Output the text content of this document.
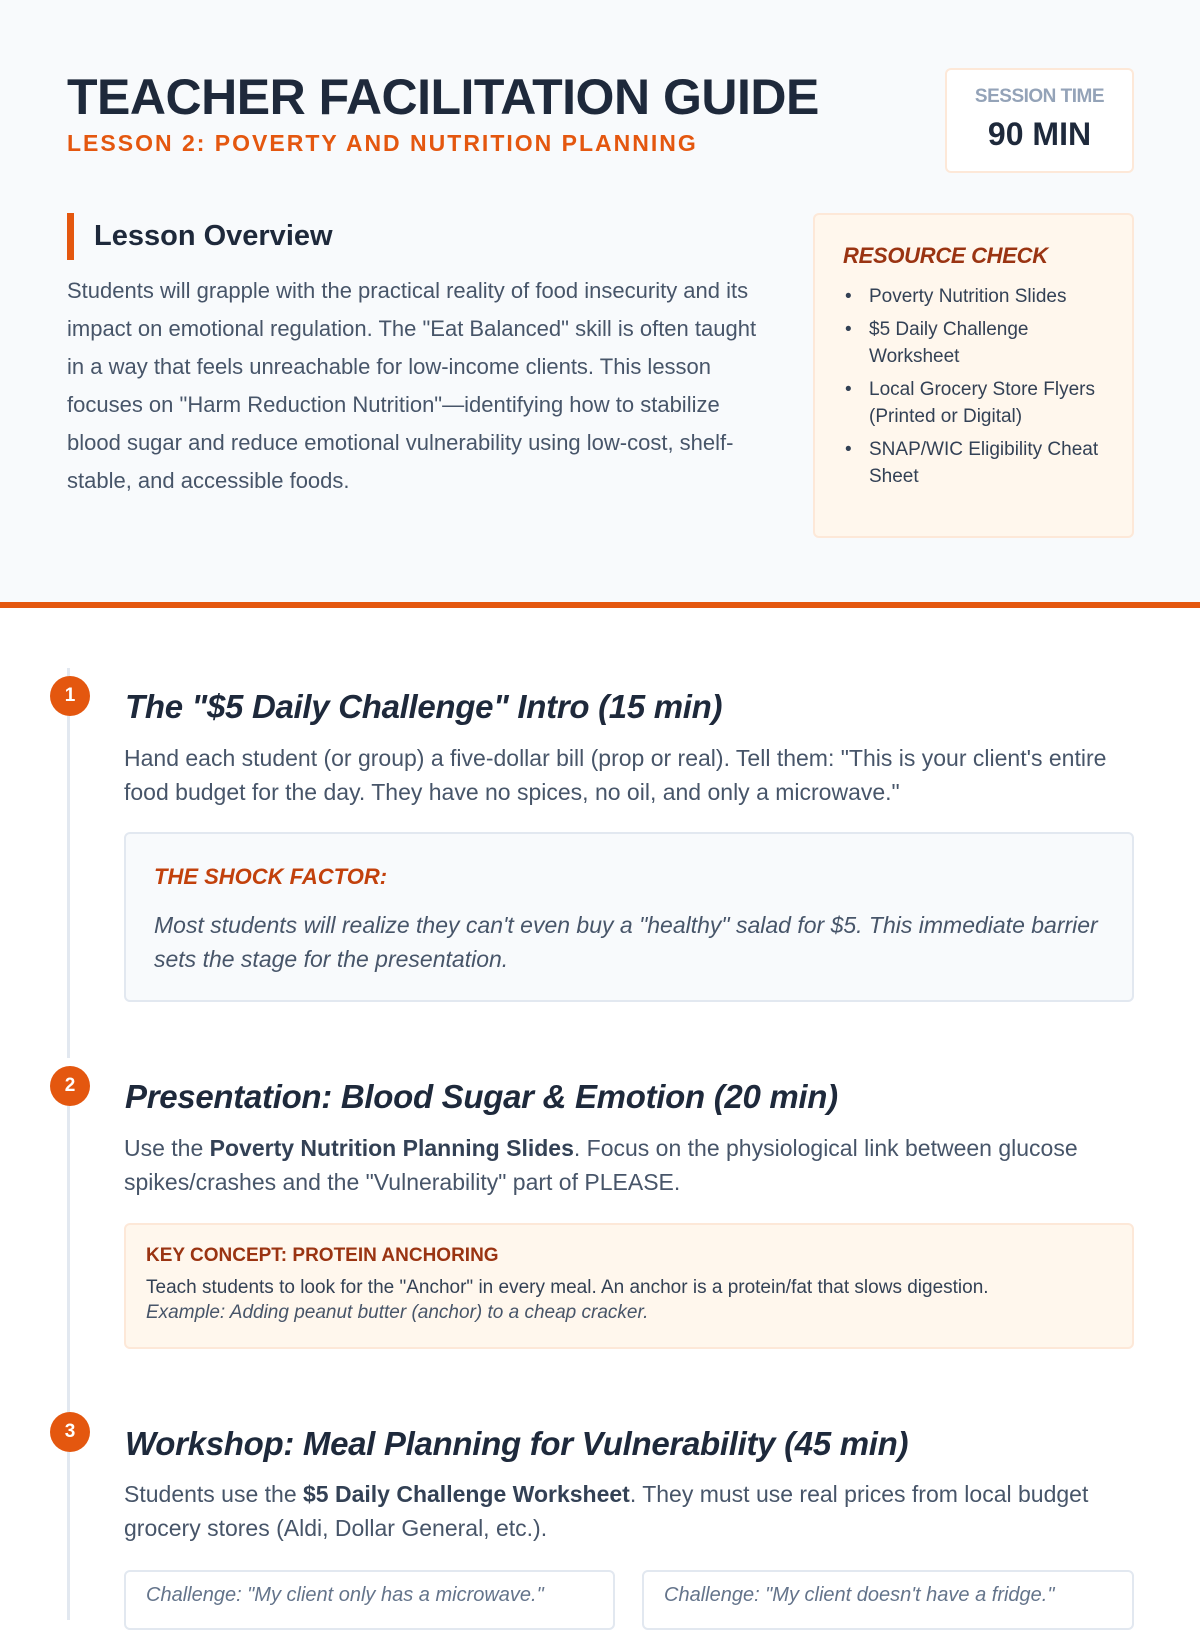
TEACHER FACILITATION GUIDE
LESSON 2: POVERTY AND NUTRITION PLANNING
SESSION TIME
90 MIN
Lesson Overview

Students will grapple with the practical reality of food insecurity and its impact on emotional regulation. The "Eat Balanced" skill is often taught in a way that feels unreachable for low-income clients. This lesson focuses on "Harm Reduction Nutrition"—identifying how to stabilize blood sugar and reduce emotional vulnerability using low-cost, shelf-stable, and accessible foods.

RESOURCE CHECK
• Poverty Nutrition Slides
• $5 Daily Challenge Worksheet
• Local Grocery Store Flyers (Printed or Digital)
• SNAP/WIC Eligibility Cheat Sheet
1	The "$5 Daily Challenge" Intro (15 min)
Hand each student (or group) a five-dollar bill (prop or real). Tell them: "This is your client's entire food budget for the day. They have no spices, no oil, and only a microwave."
2	Presentation: Blood Sugar & Emotion (20 min)
Use the Poverty Nutrition Planning Slides. Focus on the physiological link between glucose spikes/crashes and the "Vulnerability" part of PLEASE.
3	Workshop: Meal Planning for Vulnerability (45 min)
Students use the $5 Daily Challenge Worksheet. They must use real prices from local budget grocery stores (Aldi, Dollar General, etc.).
THE SHOCK FACTOR:
Most students will realize they can't even buy a "healthy" salad for $5. This immediate barrier sets the stage for the presentation.
KEY CONCEPT: PROTEIN ANCHORING
Teach students to look for the "Anchor" in every meal. An anchor is a protein/fat that slows digestion.
Example: Adding peanut butter (anchor) to a cheap cracker.
Challenge: "My client only has a microwave."	Challenge: "My client doesn't have a fridge."
